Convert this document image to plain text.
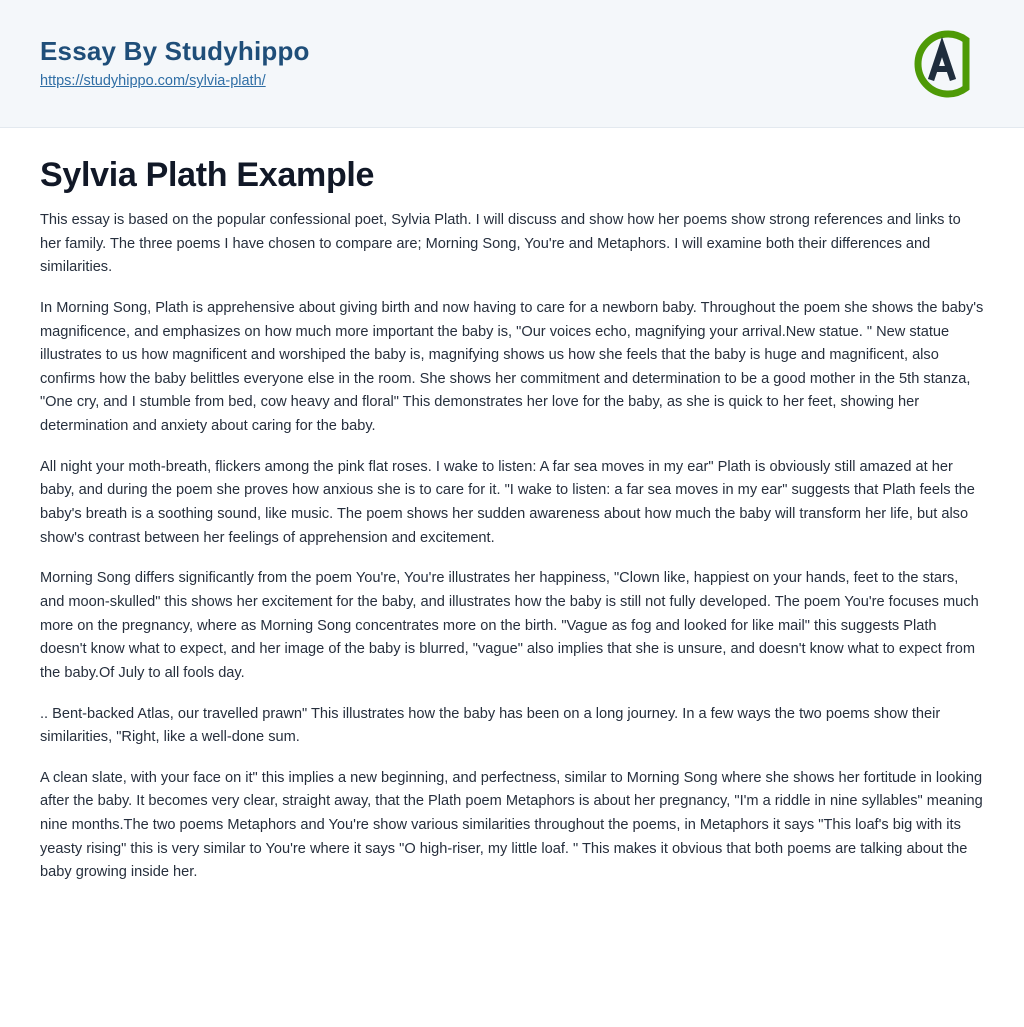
Essay By Studyhippo
https://studyhippo.com/sylvia-plath/
Sylvia Plath Example

This essay is based on the popular confessional poet, Sylvia Plath. I will discuss and show how her poems show strong references and links to her family. The three poems I have chosen to compare are; Morning Song, You're and Metaphors. I will examine both their differences and similarities.

In Morning Song, Plath is apprehensive about giving birth and now having to care for a newborn baby. Throughout the poem she shows the baby's magnificence, and emphasizes on how much more important the baby is, "Our voices echo, magnifying your arrival.New statue. " New statue illustrates to us how magnificent and worshiped the baby is, magnifying shows us how she feels that the baby is huge and magnificent, also confirms how the baby belittles everyone else in the room. She shows her commitment and determination to be a good mother in the 5th stanza, "One cry, and I stumble from bed, cow heavy and floral" This demonstrates her love for the baby, as she is quick to her feet, showing her determination and anxiety about caring for the baby.

All night your moth-breath, flickers among the pink flat roses. I wake to listen: A far sea moves in my ear" Plath is obviously still amazed at her baby, and during the poem she proves how anxious she is to care for it. "I wake to listen: a far sea moves in my ear" suggests that Plath feels the baby's breath is a soothing sound, like music. The poem shows her sudden awareness about how much the baby will transform her life, but also show's contrast between her feelings of apprehension and excitement.

Morning Song differs significantly from the poem You're, You're illustrates her happiness, "Clown like, happiest on your hands, feet to the stars, and moon-skulled" this shows her excitement for the baby, and illustrates how the baby is still not fully developed. The poem You're focuses much more on the pregnancy, where as Morning Song concentrates more on the birth. "Vague as fog and looked for like mail" this suggests Plath doesn't know what to expect, and her image of the baby is blurred, "vague" also implies that she is unsure, and doesn't know what to expect from the baby.Of July to all fools day.

.. Bent-backed Atlas, our travelled prawn" This illustrates how the baby has been on a long journey. In a few ways the two poems show their similarities, "Right, like a well-done sum.

A clean slate, with your face on it" this implies a new beginning, and perfectness, similar to Morning Song where she shows her fortitude in looking after the baby. It becomes very clear, straight away, that the Plath poem Metaphors is about her pregnancy, "I'm a riddle in nine syllables" meaning nine months.The two poems Metaphors and You're show various similarities throughout the poems, in Metaphors it says "This loaf's big with its yeasty rising" this is very similar to You're where it says "O high-riser, my little loaf. " This makes it obvious that both poems are talking about the baby growing inside her.
